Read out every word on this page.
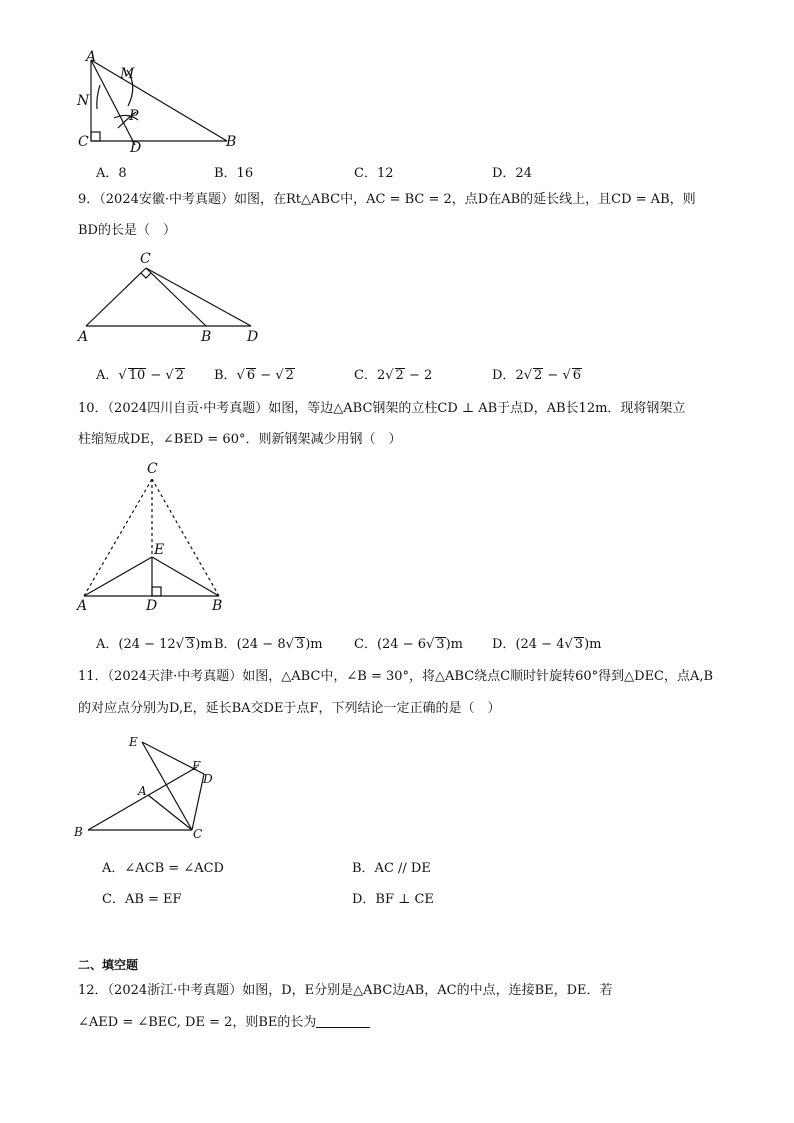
A
M
N
P
C	D	B
A．8	B．16	C．12	D．24
9．（2024安徽·中考真题）如图，在Rt△ABC中，AC = BC = 2，点D在AB的延长线上，且CD = AB，则
BD的长是（　）
C
A	B	D
A．√ 10 − √ 2 B．√ 6 − √ 2	C．2√ 2 − 2	D．2√ 2 − √ 6
10．（2024四川自贡·中考真题）如图，等边△ABC钢架的立柱CD ⊥ AB于点D，AB长12m．现将钢架立
柱缩短成DE，∠BED = 60°．则新钢架减少用钢（　）
C
E
A	D	B
A．(24 − 12√ 3)m B．(24 − 8√ 3)m C．(24 − 6√ 3)m D．(24 − 4√ 3)m
11．（2024天津·中考真题）如图，△ABC中，∠B = 30°，将△ABC绕点C顺时针旋转60°得到△DEC，点A,B
的对应点分别为D,E，延长BA交DE于点F，下列结论一定正确的是（　）
E
F
D
A
B	C
A．∠ACB = ∠ACD	B．AC // DE
C．AB = EF	D．BF ⊥ CE
二、填空题
12．（2024浙江·中考真题）如图，D，E分别是△ABC边AB，AC的中点，连接BE，DE．若
∠AED = ∠BEC, DE = 2，则BE的长为
